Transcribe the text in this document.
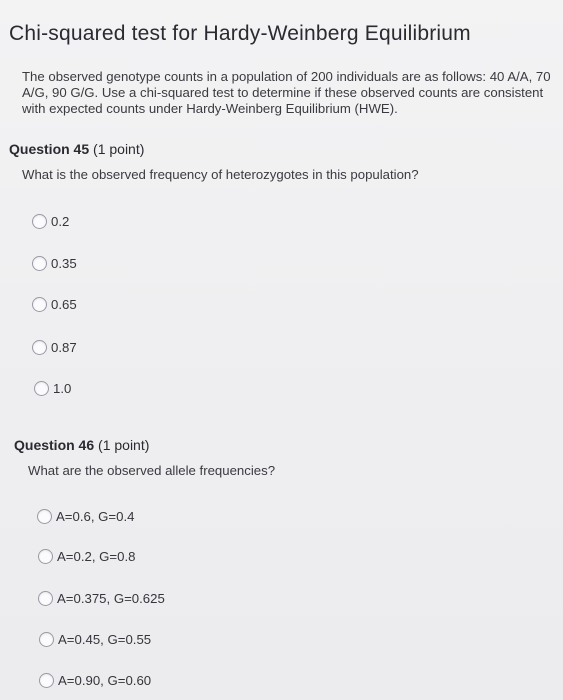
Chi-squared test for Hardy-Weinberg Equilibrium
The observed genotype counts in a population of 200 individuals are as follows: 40 A/A, 70 A/G, 90 G/G. Use a chi-squared test to determine if these observed counts are consistent with expected counts under Hardy-Weinberg Equilibrium (HWE).
Question 45 (1 point)
What is the observed frequency of heterozygotes in this population?
0.2
0.35
0.65
0.87
1.0
Question 46 (1 point)
What are the observed allele frequencies?
A=0.6, G=0.4
A=0.2, G=0.8
A=0.375, G=0.625
A=0.45, G=0.55
A=0.90, G=0.60
